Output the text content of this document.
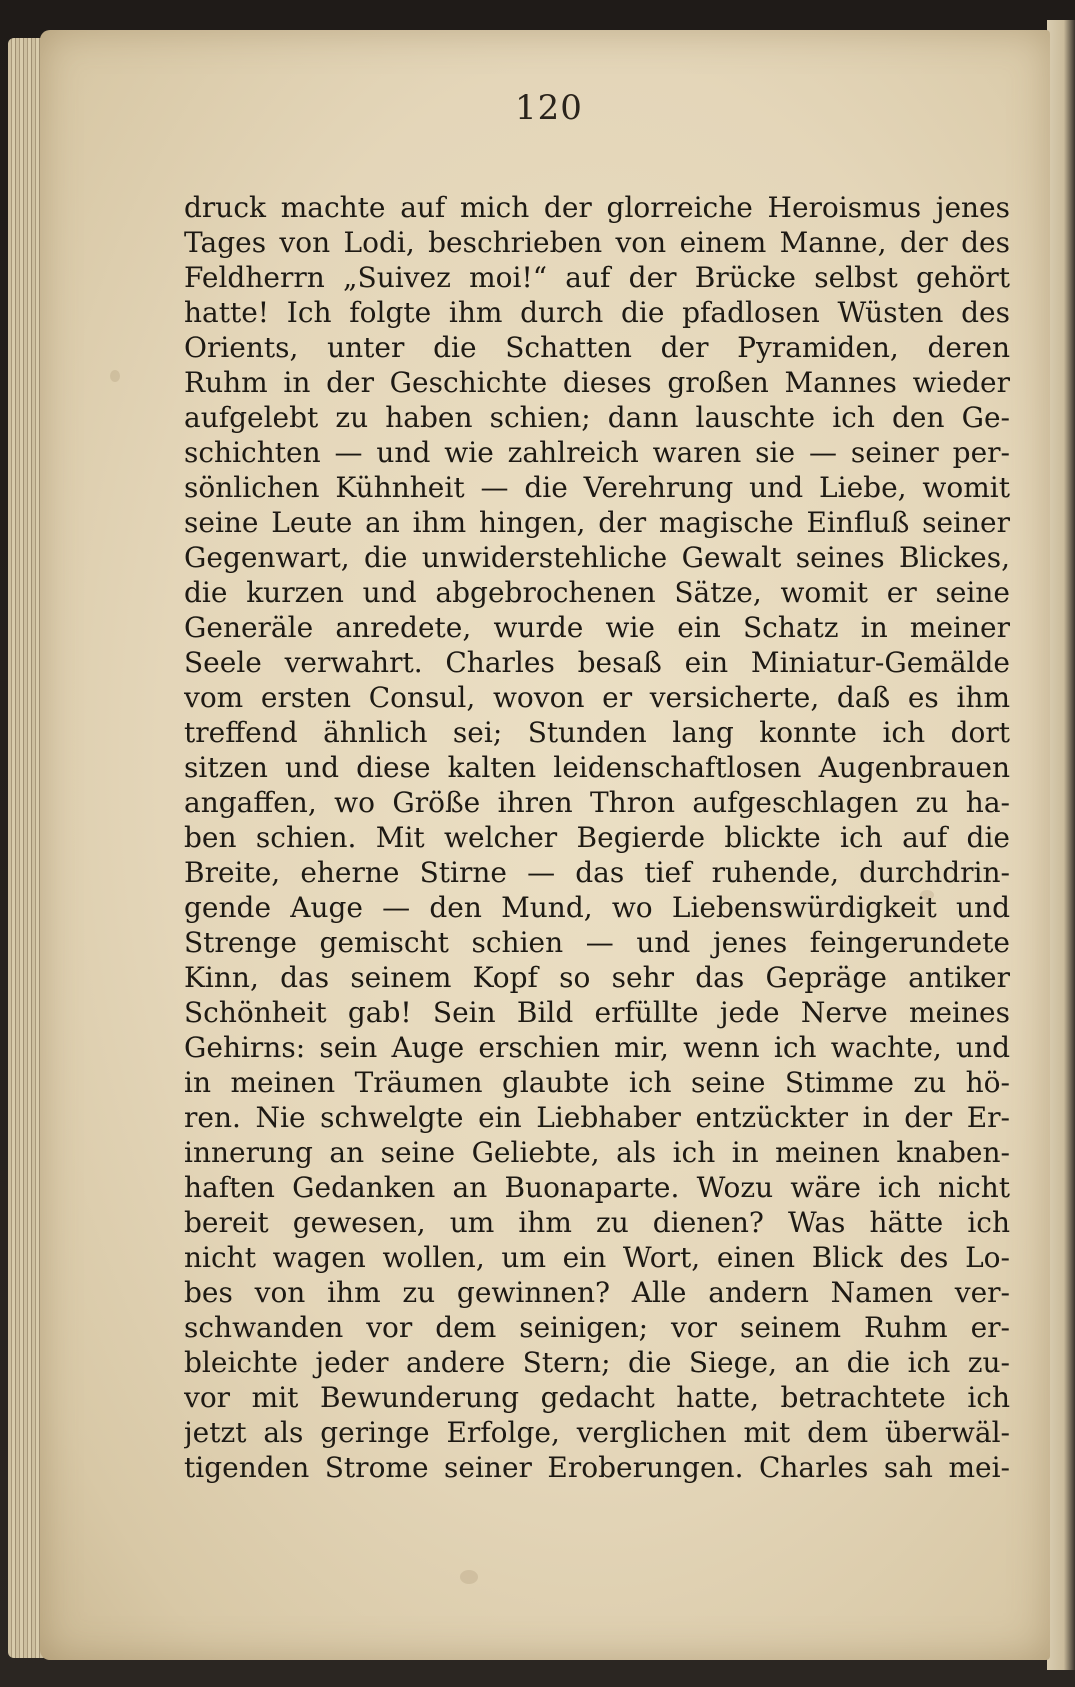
120
druck machte auf mich der glorreiche Heroismus jenes
Tages von Lodi, beschrieben von einem Manne, der des
Feldherrn „Suivez moi!“ auf der Brücke selbst gehört
hatte! Ich folgte ihm durch die pfadlosen Wüsten des
Orients, unter die Schatten der Pyramiden, deren
Ruhm in der Geschichte dieses großen Mannes wieder
aufgelebt zu haben schien; dann lauschte ich den Ge-
schichten — und wie zahlreich waren sie — seiner per-
sönlichen Kühnheit — die Verehrung und Liebe, womit
seine Leute an ihm hingen, der magische Einfluß seiner
Gegenwart, die unwiderstehliche Gewalt seines Blickes,
die kurzen und abgebrochenen Sätze, womit er seine
Generäle anredete, wurde wie ein Schatz in meiner
Seele verwahrt. Charles besaß ein Miniatur-Gemälde
vom ersten Consul, wovon er versicherte, daß es ihm
treffend ähnlich sei; Stunden lang konnte ich dort
sitzen und diese kalten leidenschaftlosen Augenbrauen
angaffen, wo Größe ihren Thron aufgeschlagen zu ha-
ben schien. Mit welcher Begierde blickte ich auf die
Breite, eherne Stirne — das tief ruhende, durchdrin-
gende Auge — den Mund, wo Liebenswürdigkeit und
Strenge gemischt schien — und jenes feingerundete
Kinn, das seinem Kopf so sehr das Gepräge antiker
Schönheit gab! Sein Bild erfüllte jede Nerve meines
Gehirns: sein Auge erschien mir, wenn ich wachte, und
in meinen Träumen glaubte ich seine Stimme zu hö-
ren. Nie schwelgte ein Liebhaber entzückter in der Er-
innerung an seine Geliebte, als ich in meinen knaben-
haften Gedanken an Buonaparte. Wozu wäre ich nicht
bereit gewesen, um ihm zu dienen? Was hätte ich
nicht wagen wollen, um ein Wort, einen Blick des Lo-
bes von ihm zu gewinnen? Alle andern Namen ver-
schwanden vor dem seinigen; vor seinem Ruhm er-
bleichte jeder andere Stern; die Siege, an die ich zu-
vor mit Bewunderung gedacht hatte, betrachtete ich
jetzt als geringe Erfolge, verglichen mit dem überwäl-
tigenden Strome seiner Eroberungen. Charles sah mei-
